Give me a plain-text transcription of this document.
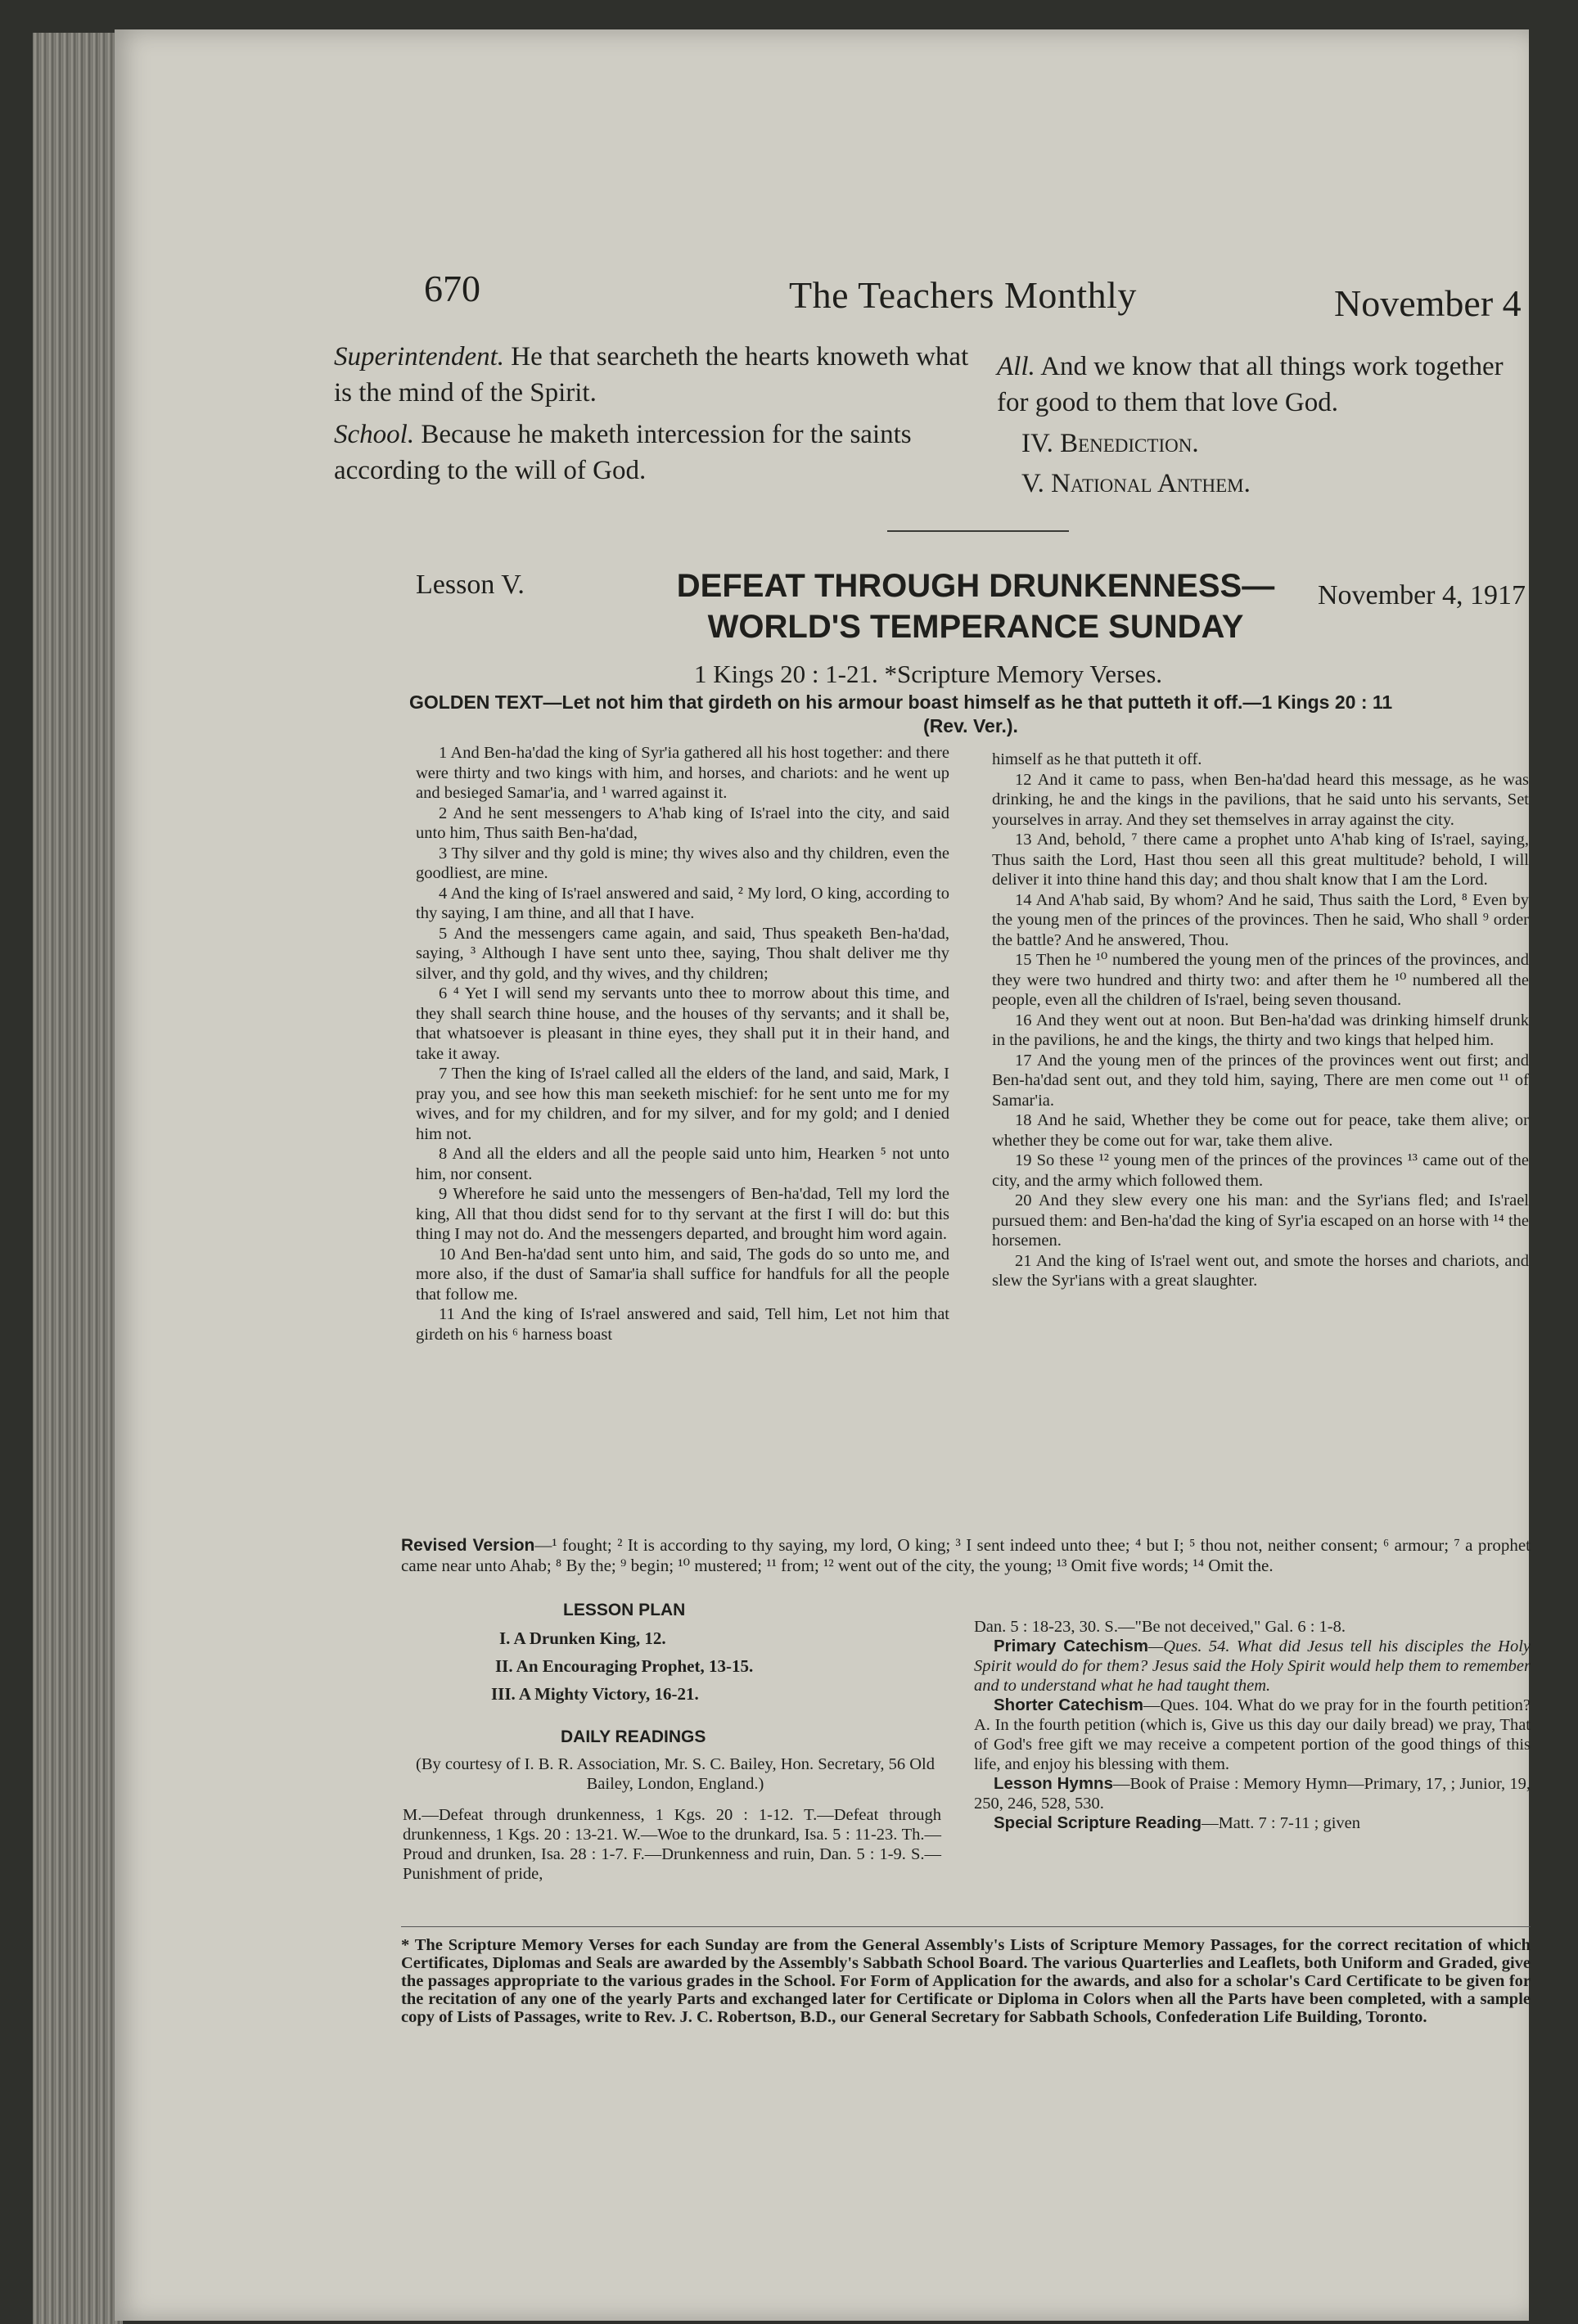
670	The Teachers Monthly	November 4
Superintendent. He that searcheth the hearts knoweth what is the mind of the Spirit.
School. Because he maketh intercession for the saints according to the will of God.
All. And we know that all things work together for good to them that love God.
IV. Benediction.
V. National Anthem.
Lesson V.	DEFEAT THROUGH DRUNKENNESS—
WORLD'S TEMPERANCE SUNDAY
November 4, 1917
1 Kings 20 : 1-21. *Scripture Memory Verses.
GOLDEN TEXT—Let not him that girdeth on his armour boast himself as he that putteth it off.—1 Kings 20 : 11
(Rev. Ver.).

1 And Ben-ha'dad the king of Syr'ia gathered all his host together: and there were thirty and two kings with him, and horses, and chariots: and he went up and besieged Samar'ia, and ¹ warred against it.

2 And he sent messengers to A'hab king of Is'rael into the city, and said unto him, Thus saith Ben-ha'dad,

3 Thy silver and thy gold is mine; thy wives also and thy children, even the goodliest, are mine.

4 And the king of Is'rael answered and said, ² My lord, O king, according to thy saying, I am thine, and all that I have.

5 And the messengers came again, and said, Thus speaketh Ben-ha'dad, saying, ³ Although I have sent unto thee, saying, Thou shalt deliver me thy silver, and thy gold, and thy wives, and thy children;

6 ⁴ Yet I will send my servants unto thee to morrow about this time, and they shall search thine house, and the houses of thy servants; and it shall be, that whatsoever is pleasant in thine eyes, they shall put it in their hand, and take it away.

7 Then the king of Is'rael called all the elders of the land, and said, Mark, I pray you, and see how this man seeketh mischief: for he sent unto me for my wives, and for my children, and for my silver, and for my gold; and I denied him not.

8 And all the elders and all the people said unto him, Hearken ⁵ not unto him, nor consent.

9 Wherefore he said unto the messengers of Ben-ha'dad, Tell my lord the king, All that thou didst send for to thy servant at the first I will do: but this thing I may not do. And the messengers departed, and brought him word again.

10 And Ben-ha'dad sent unto him, and said, The gods do so unto me, and more also, if the dust of Samar'ia shall suffice for handfuls for all the people that follow me.

11 And the king of Is'rael answered and said, Tell him, Let not him that girdeth on his ⁶ harness boast

himself as he that putteth it off.

12 And it came to pass, when Ben-ha'dad heard this message, as he was drinking, he and the kings in the pavilions, that he said unto his servants, Set yourselves in array. And they set themselves in array against the city.

13 And, behold, ⁷ there came a prophet unto A'hab king of Is'rael, saying, Thus saith the Lord, Hast thou seen all this great multitude? behold, I will deliver it into thine hand this day; and thou shalt know that I am the Lord.

14 And A'hab said, By whom? And he said, Thus saith the Lord, ⁸ Even by the young men of the princes of the provinces. Then he said, Who shall ⁹ order the battle? And he answered, Thou.

15 Then he ¹⁰ numbered the young men of the princes of the provinces, and they were two hundred and thirty two: and after them he ¹⁰ numbered all the people, even all the children of Is'rael, being seven thousand.

16 And they went out at noon. But Ben-ha'dad was drinking himself drunk in the pavilions, he and the kings, the thirty and two kings that helped him.

17 And the young men of the princes of the provinces went out first; and Ben-ha'dad sent out, and they told him, saying, There are men come out ¹¹ of Samar'ia.

18 And he said, Whether they be come out for peace, take them alive; or whether they be come out for war, take them alive.

19 So these ¹² young men of the princes of the provinces ¹³ came out of the city, and the army which followed them.

20 And they slew every one his man: and the Syr'ians fled; and Is'rael pursued them: and Ben-ha'dad the king of Syr'ia escaped on an horse with ¹⁴ the horsemen.

21 And the king of Is'rael went out, and smote the horses and chariots, and slew the Syr'ians with a great slaughter.

Revised Version—¹ fought; ² It is according to thy saying, my lord, O king; ³ I sent indeed unto thee; ⁴ but I; ⁵ thou not, neither consent; ⁶ armour; ⁷ a prophet came near unto Ahab; ⁸ By the; ⁹ begin; ¹⁰ mustered; ¹¹ from; ¹² went out of the city, the young; ¹³ Omit five words; ¹⁴ Omit the.
LESSON PLAN
I. A Drunken King, 12.
II. An Encouraging Prophet, 13-15.
III. A Mighty Victory, 16-21.
DAILY READINGS
(By courtesy of I. B. R. Association, Mr. S. C. Bailey, Hon. Secretary, 56 Old Bailey, London, England.)
M.—Defeat through drunkenness, 1 Kgs. 20 : 1-12. T.—Defeat through drunkenness, 1 Kgs. 20 : 13-21. W.—Woe to the drunkard, Isa. 5 : 11-23. Th.—Proud and drunken, Isa. 28 : 1-7. F.—Drunkenness and ruin, Dan. 5 : 1-9. S.—Punishment of pride,
Dan. 5 : 18-23, 30. S.—"Be not deceived," Gal. 6 : 1-8.
Primary Catechism—Ques. 54. What did Jesus tell his disciples the Holy Spirit would do for them? Jesus said the Holy Spirit would help them to remember and to understand what he had taught them.
Shorter Catechism—Ques. 104. What do we pray for in the fourth petition? A. In the fourth petition (which is, Give us this day our daily bread) we pray, That of God's free gift we may receive a competent portion of the good things of this life, and enjoy his blessing with them.
Lesson Hymns—Book of Praise : Memory Hymn—Primary, 17, ; Junior, 19, 250, 246, 528, 530.
Special Scripture Reading—Matt. 7 : 7-11 ; given
* The Scripture Memory Verses for each Sunday are from the General Assembly's Lists of Scripture Memory Passages, for the correct recitation of which Certificates, Diplomas and Seals are awarded by the Assembly's Sabbath School Board. The various Quarterlies and Leaflets, both Uniform and Graded, give the passages appropriate to the various grades in the School. For Form of Application for the awards, and also for a scholar's Card Certificate to be given for the recitation of any one of the yearly Parts and exchanged later for Certificate or Diploma in Colors when all the Parts have been completed, with a sample copy of Lists of Passages, write to Rev. J. C. Robertson, B.D., our General Secretary for Sabbath Schools, Confederation Life Building, Toronto.
